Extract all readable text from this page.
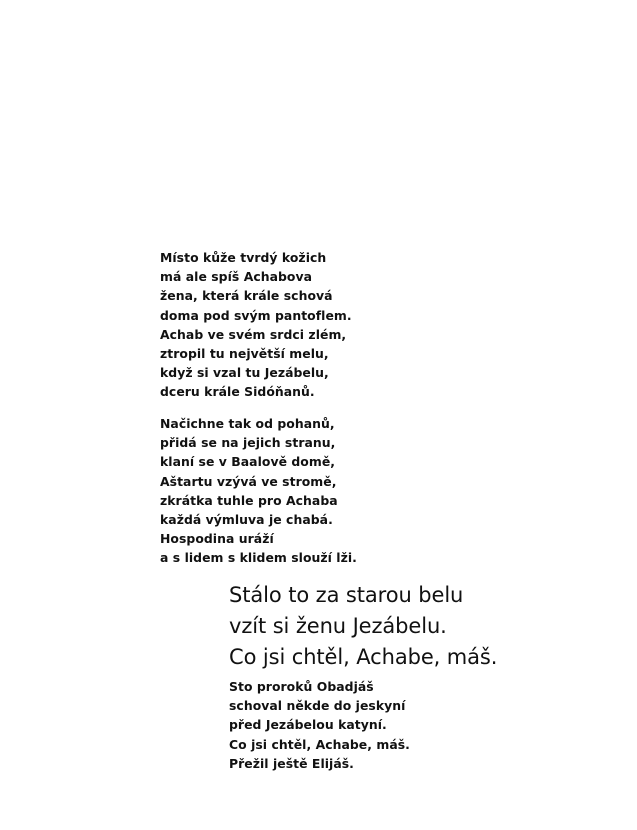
Místo kůže tvrdý kožich
má ale spíš Achabova
žena, která krále schová
doma pod svým pantoflem.
Achab ve svém srdci zlém,
ztropil tu největší melu,
když si vzal tu Jezábelu,
dceru krále Sidóňanů.
Načichne tak od pohanů,
přidá se na jejich stranu,
klaní se v Baalově domě,
Aštartu vzývá ve stromě,
zkrátka tuhle pro Achaba
každá výmluva je chabá.
Hospodina uráží
a s lidem s klidem slouží lži.
Stálo to za starou belu
vzít si ženu Jezábelu.
Co jsi chtěl, Achabe, máš.
Sto proroků Obadjáš
schoval někde do jeskyní
před Jezábelou katyní.
Co jsi chtěl, Achabe, máš.
Přežil ještě Elijáš.
